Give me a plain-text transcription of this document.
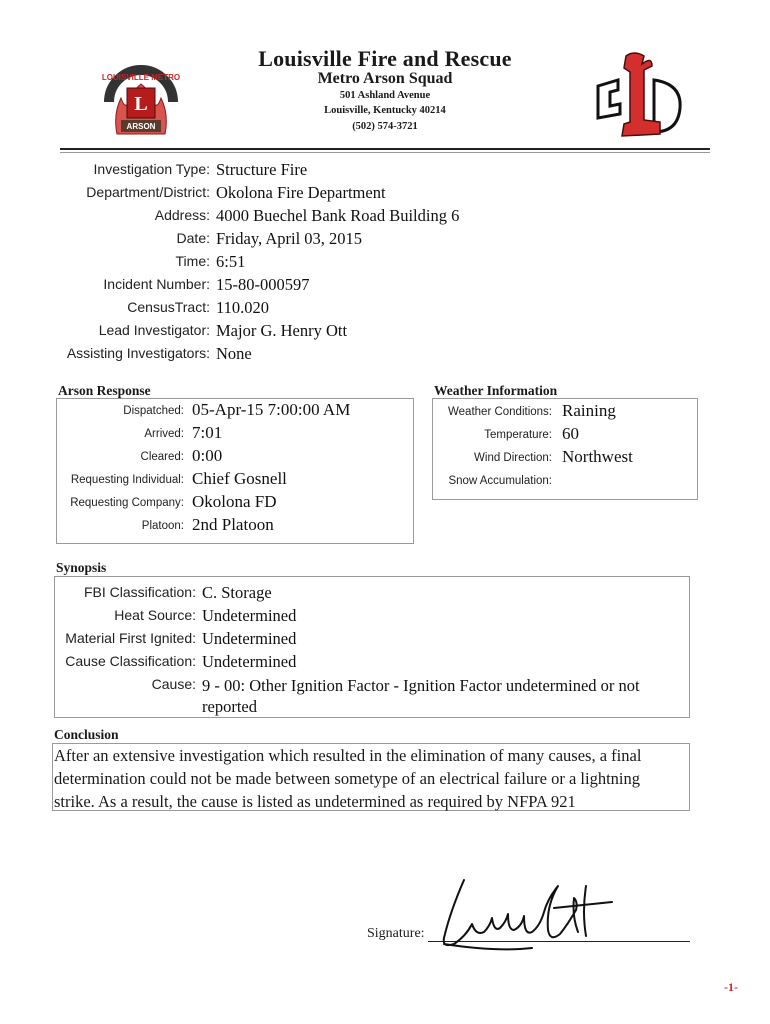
LOUISVILLE METRO
L
ARSON
Louisville Fire and Rescue
Metro Arson Squad
501 Ashland Avenue
Louisville, Kentucky 40214
(502) 574-3721
Investigation Type: Structure Fire
Department/District: Okolona Fire Department
Address: 4000 Buechel Bank Road Building 6
Date: Friday, April 03, 2015
Time: 6:51
Incident Number: 15-80-000597
CensusTract: 110.020
Lead Investigator: Major G. Henry Ott
Assisting Investigators: None
Arson Response
Dispatched: 05-Apr-15 7:00:00 AM
Arrived: 7:01
Cleared: 0:00
Requesting Individual: Chief Gosnell
Requesting Company: Okolona FD
Platoon: 2nd Platoon
Weather Information
Weather Conditions: Raining
Temperature: 60
Wind Direction: Northwest
Snow Accumulation:
Synopsis
FBI Classification: C. Storage
Heat Source: Undetermined
Material First Ignited: Undetermined
Cause Classification: Undetermined
Cause: 9 - 00: Other Ignition Factor - Ignition Factor undetermined or not reported
Conclusion
After an extensive investigation which resulted in the elimination of many causes, a final determination could not be made between sometype of an electrical failure or a lightning strike. As a result, the cause is listed as undetermined as required by NFPA 921
Signature:
-1-
